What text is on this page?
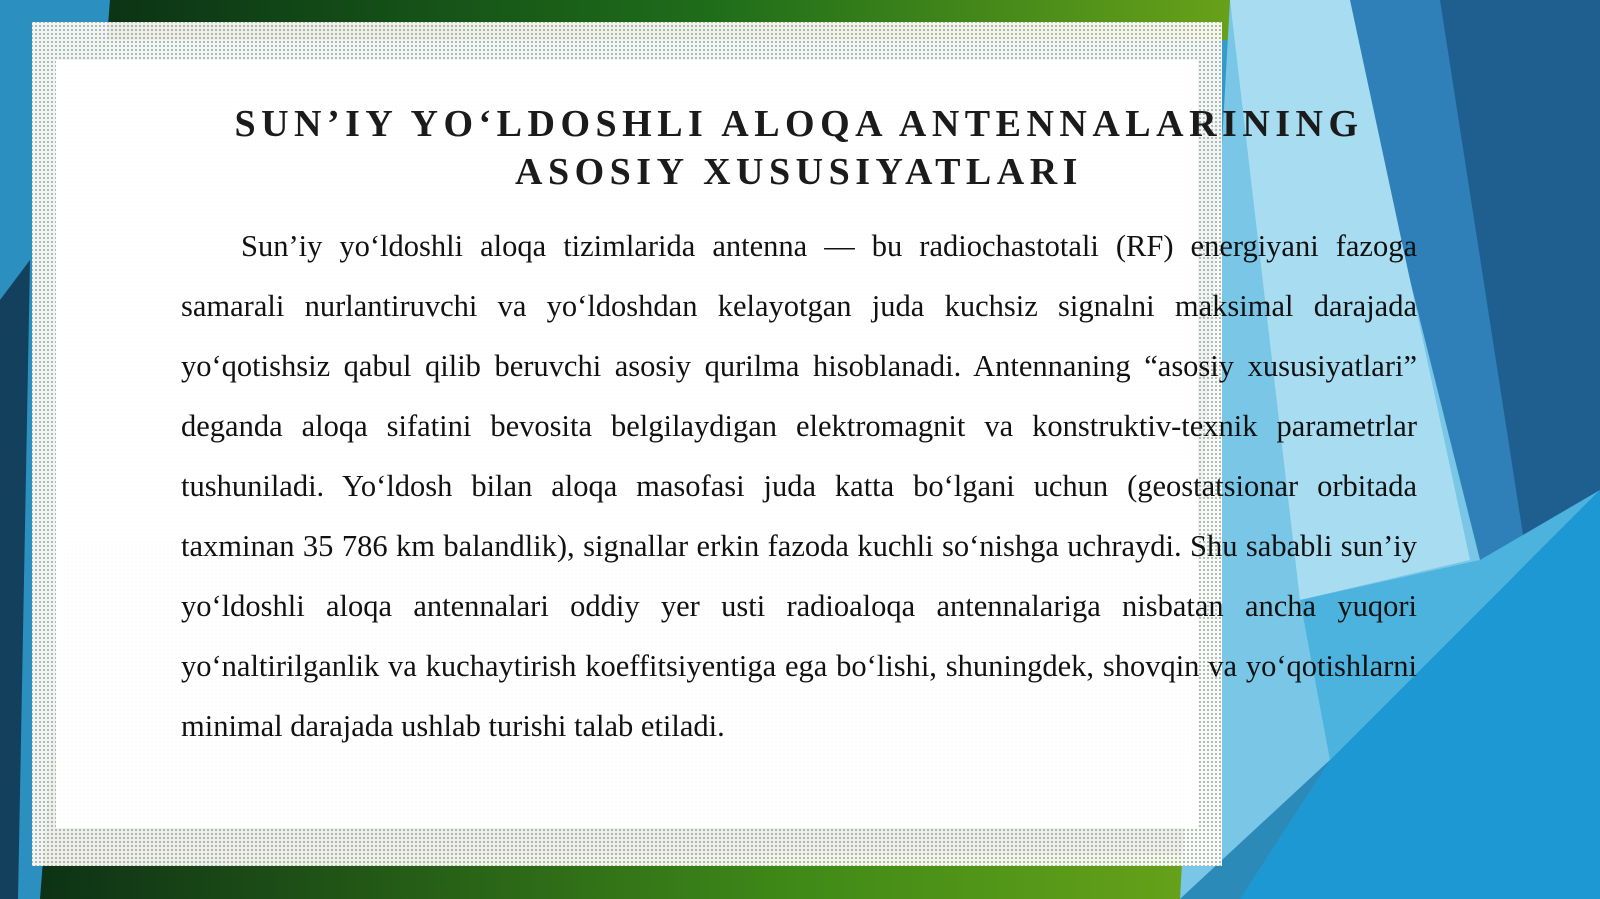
SUN’IY YO‘LDOSHLI ALOQA ANTENNALARINING
ASOSIY XUSUSIYATLARI

Sun’iy yo‘ldoshli aloqa tizimlarida antenna — bu radiochastotali (RF) energiyani fazoga samarali nurlantiruvchi va yo‘ldoshdan kelayotgan juda kuchsiz signalni maksimal darajada yo‘qotishsiz qabul qilib beruvchi asosiy qurilma hisoblanadi. Antennaning “asosiy xususiyatlari” deganda aloqa sifatini bevosita belgilaydigan elektromagnit va konstruktiv-texnik parametrlar tushuniladi. Yo‘ldosh bilan aloqa masofasi juda katta bo‘lgani uchun (geostatsionar orbitada taxminan 35 786 km balandlik), signallar erkin fazoda kuchli so‘nishga uchraydi. Shu sababli sun’iy yo‘ldoshli aloqa antennalari oddiy yer usti radioaloqa antennalariga nisbatan ancha yuqori yo‘naltirilganlik va kuchaytirish koeffitsiyentiga ega bo‘lishi, shuningdek, shovqin va yo‘qotishlarni minimal darajada ushlab turishi talab etiladi.
